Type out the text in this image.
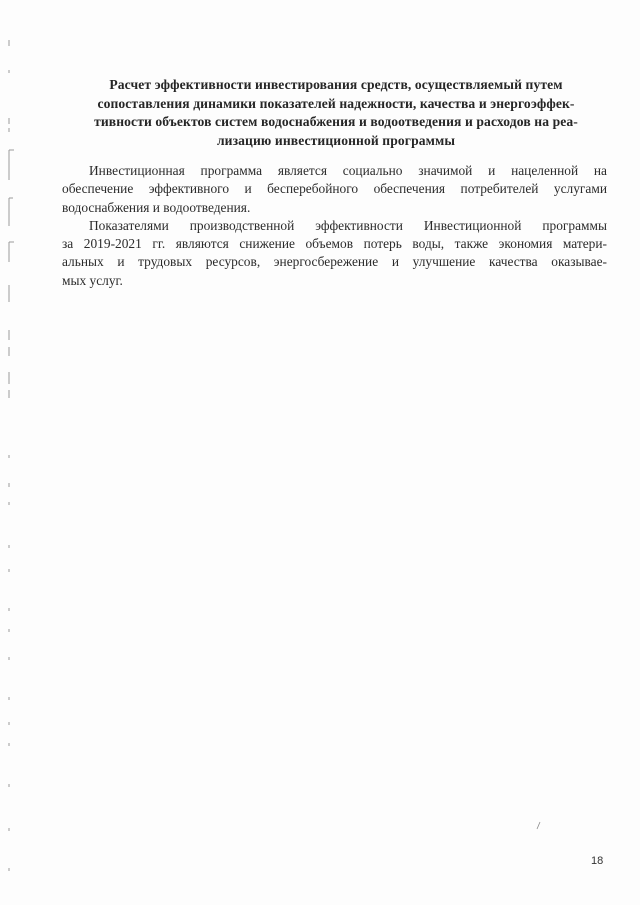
Расчет эффективности инвестирования средств, осуществляемый путем
сопоставления динамики показателей надежности, качества и энергоэффек-
тивности объектов систем водоснабжения и водоотведения и расходов на реа-
лизацию инвестиционной программы

Инвестиционная программа является социально значимой и нацеленной на
обеспечение эффективного и бесперебойного обеспечения потребителей услугами
водоснабжения и водоотведения.

Показателями производственной эффективности Инвестиционной программы
за 2019-2021 гг. являются снижение объемов потерь воды, также экономия матери-
альных и трудовых ресурсов, энергосбережение и улучшение качества оказывае-
мых услуг.

18
